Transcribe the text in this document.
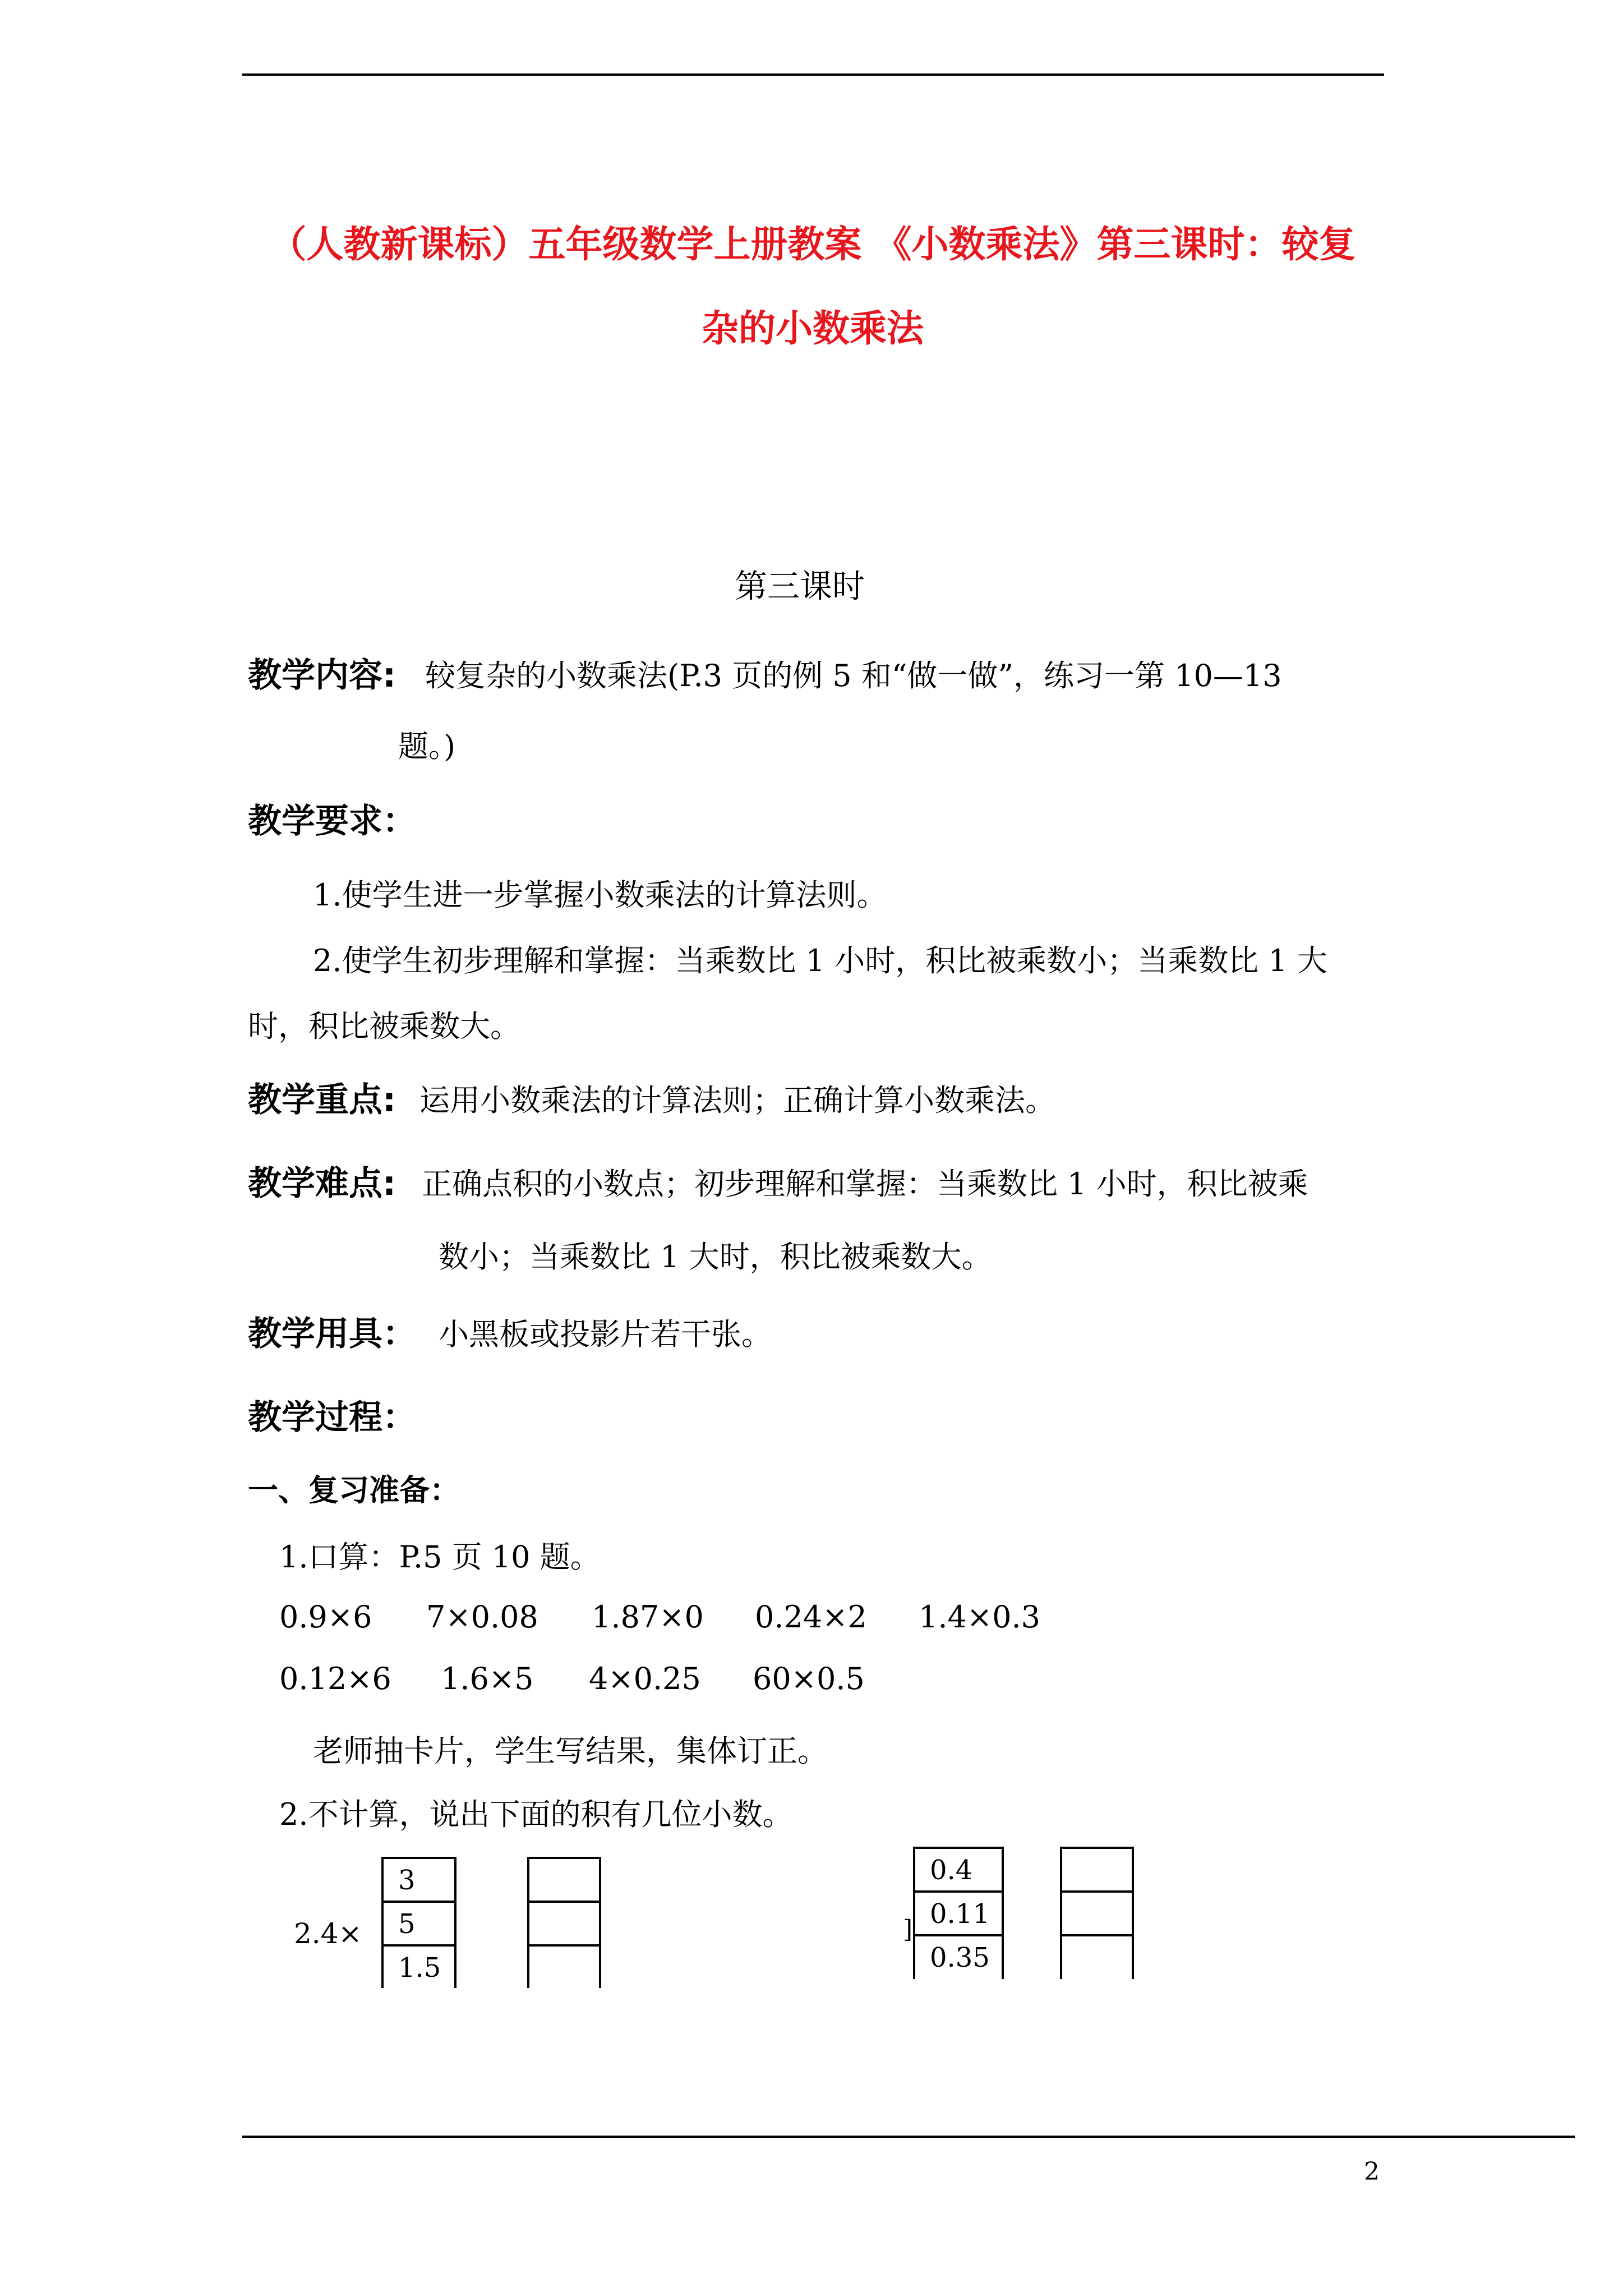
（人教新课标）五年级数学上册教案 《小数乘法》第三课时：较复
杂的小数乘法
第三课时
教学内容: 较复杂的小数乘法(P.3 页的例 5 和“做一做”，练习一第 10—13
题。)
教学要求：
1.使学生进一步掌握小数乘法的计算法则。
2.使学生初步理解和掌握：当乘数比 1 小时，积比被乘数小；当乘数比 1 大
时，积比被乘数大。
教学重点: 运用小数乘法的计算法则；正确计算小数乘法。
教学难点: 正确点积的小数点；初步理解和掌握：当乘数比 1 小时，积比被乘
数小；当乘数比 1 大时，积比被乘数大。
教学用具： 小黑板或投影片若干张。
教学过程：
一、复习准备：
1.口算：P.5 页 10 题。
0.9×6 7×0.08 1.87×0 0.24×2 1.4×0.3
0.12×6 1.6×5 4×0.25 60×0.5
老师抽卡片，学生写结果，集体订正。
2.不计算，说出下面的积有几位小数。
2.4×
3
5
1.5
]
0.4
0.11
0.35
2
